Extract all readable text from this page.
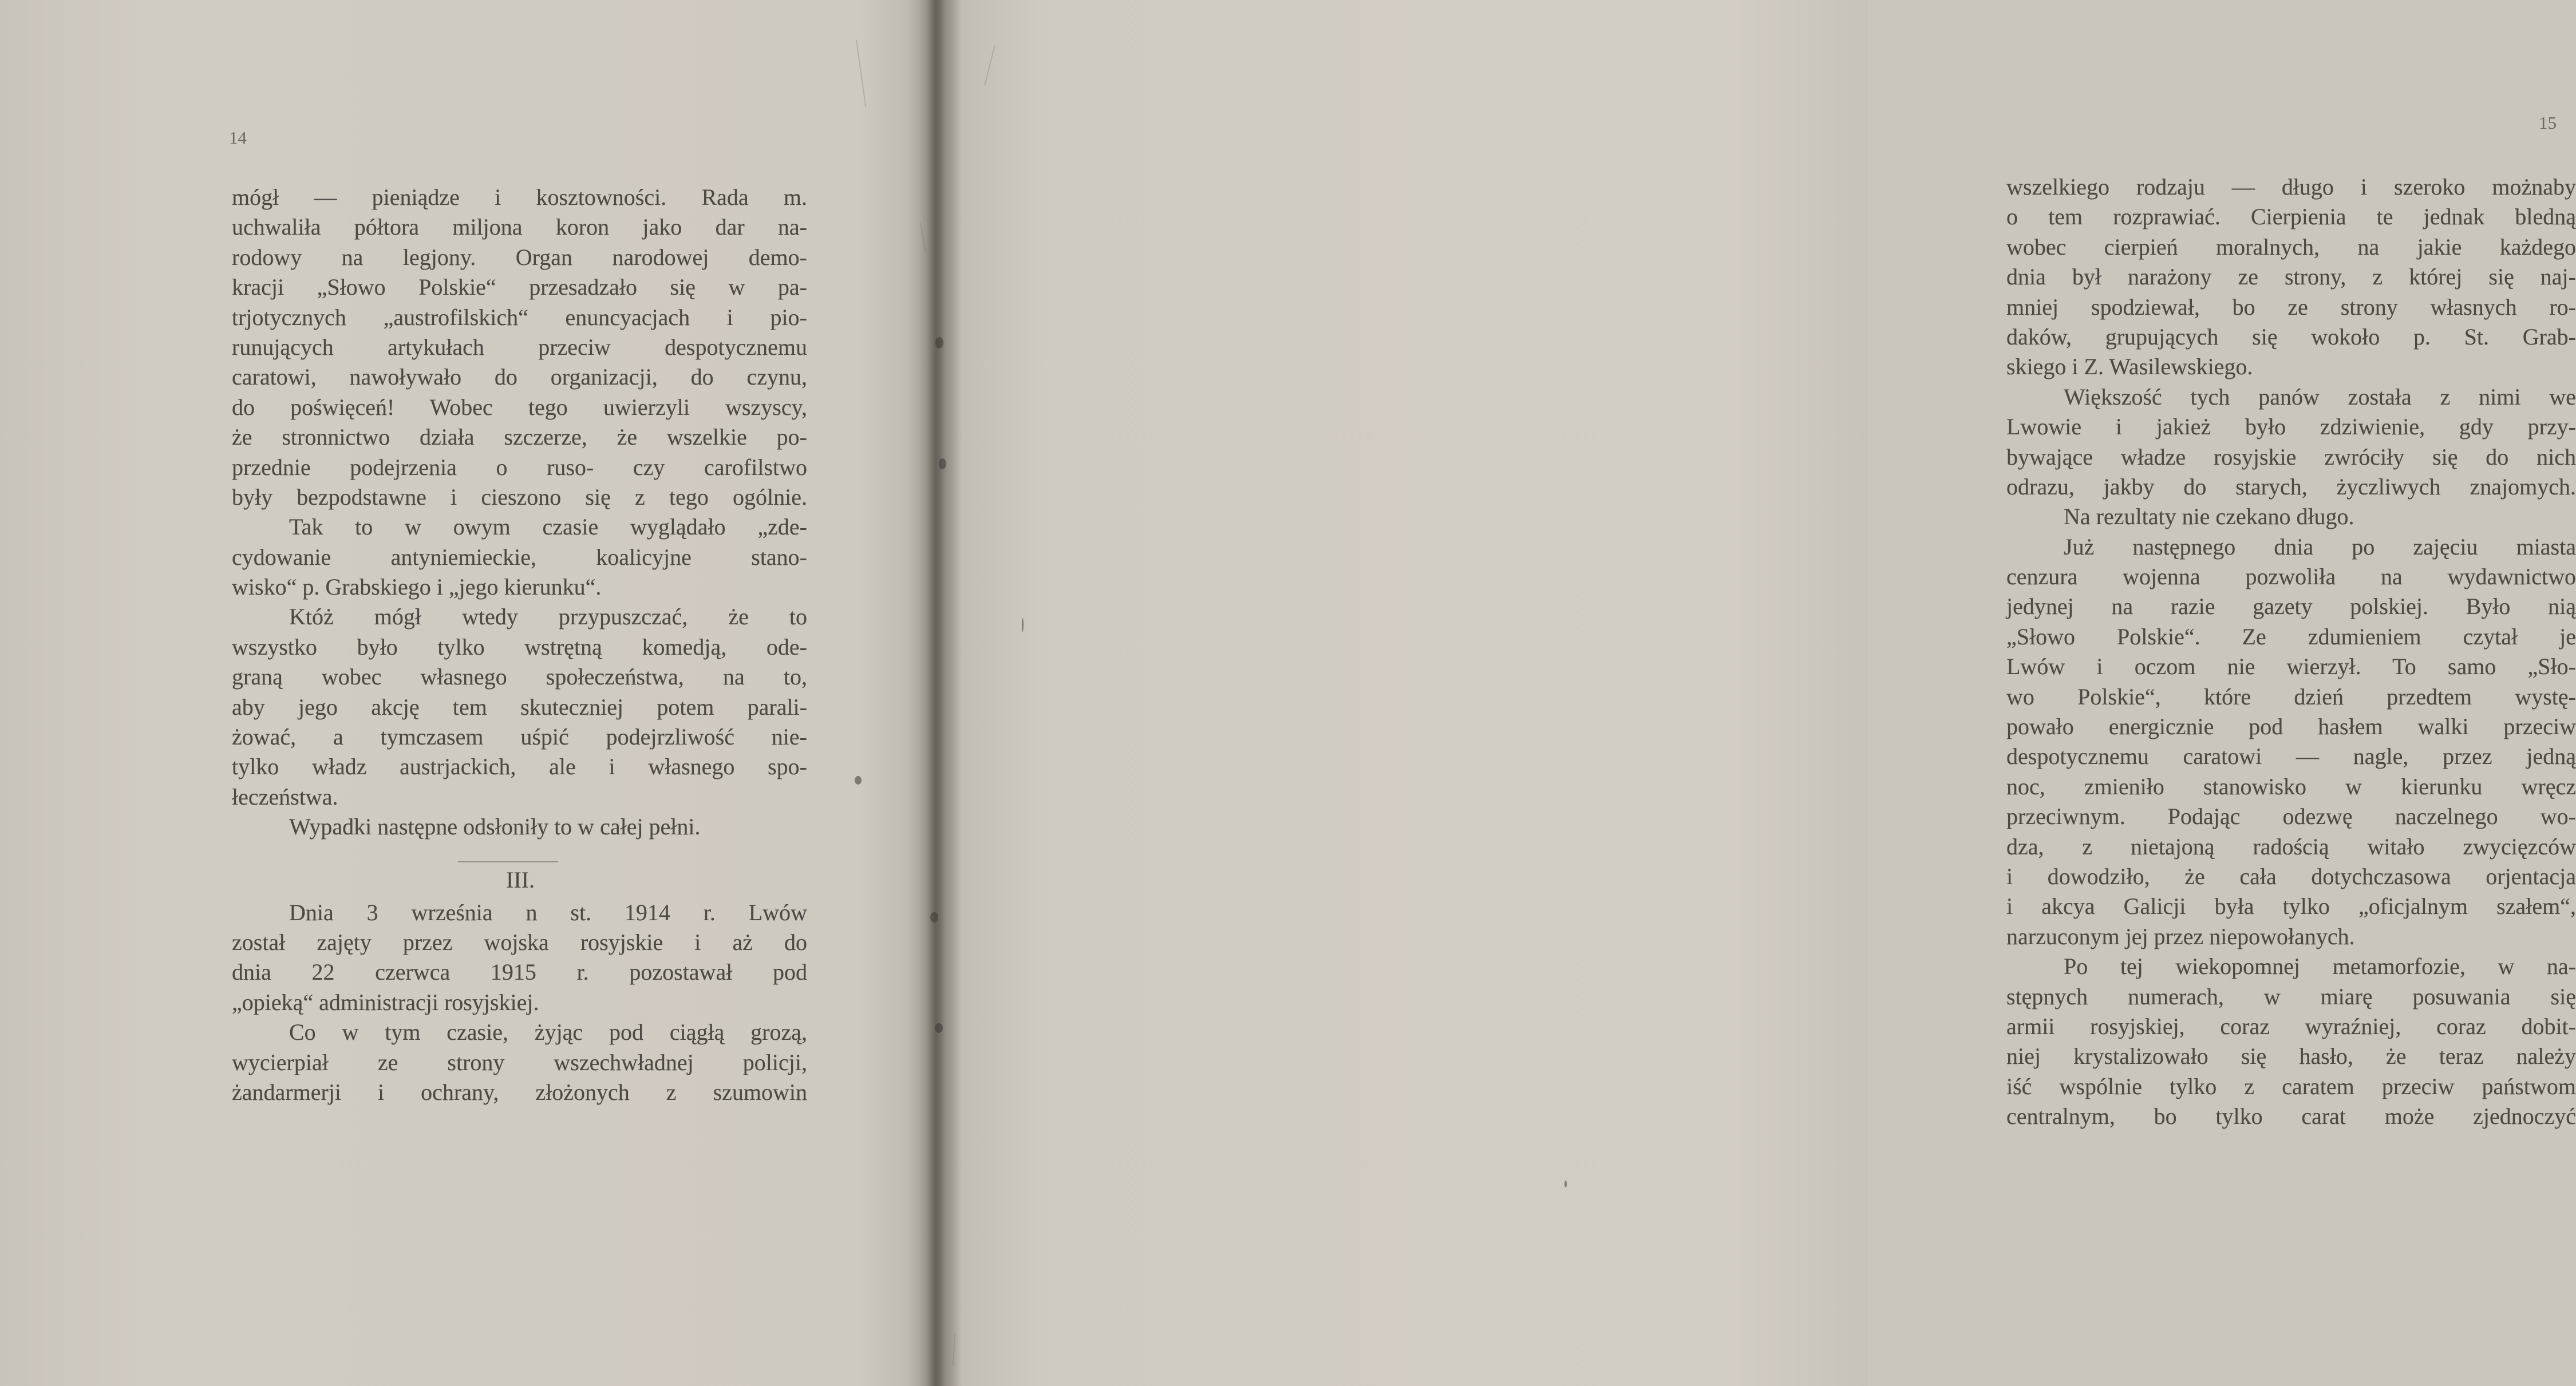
14
mógł — pieniądze i kosztowności. Rada m.
uchwaliła półtora miljona koron jako dar na-
rodowy na legjony. Organ narodowej demo-
kracji „Słowo Polskie“ przesadzało się w pa-
trjotycznych „austrofilskich“ enuncyacjach i pio-
runujących artykułach przeciw despotycznemu
caratowi, nawoływało do organizacji, do czynu,
do poświęceń! Wobec tego uwierzyli wszyscy,
że stronnictwo działa szczerze, że wszelkie po-
przednie podejrzenia o ruso- czy carofilstwo
były bezpodstawne i cieszono się z tego ogólnie.
Tak to w owym czasie wyglądało „zde-
cydowanie antyniemieckie, koalicyjne stano-
wisko“ p. Grabskiego i „jego kierunku“.
Któż mógł wtedy przypuszczać, że to
wszystko było tylko wstrętną komedją, ode-
graną wobec własnego społeczeństwa, na to,
aby jego akcję tem skuteczniej potem parali-
żować, a tymczasem uśpić podejrzliwość nie-
tylko władz austrjackich, ale i własnego spo-
łeczeństwa.
Wypadki następne odsłoniły to w całej pełni.
III.
Dnia 3 września n st. 1914 r. Lwów
został zajęty przez wojska rosyjskie i aż do
dnia 22 czerwca 1915 r. pozostawał pod
„opieką“ administracji rosyjskiej.
Co w tym czasie, żyjąc pod ciągłą grozą,
wycierpiał ze strony wszechwładnej policji,
żandarmerji i ochrany, złożonych z szumowin
15
wszelkiego rodzaju — długo i szeroko możnaby
o tem rozprawiać. Cierpienia te jednak bledną
wobec cierpień moralnych, na jakie każdego
dnia był narażony ze strony, z której się naj-
mniej spodziewał, bo ze strony własnych ro-
daków, grupujących się wokoło p. St. Grab-
skiego i Z. Wasilewskiego.
Większość tych panów została z nimi we
Lwowie i jakież było zdziwienie, gdy przy-
bywające władze rosyjskie zwróciły się do nich
odrazu, jakby do starych, życzliwych znajomych.
Na rezultaty nie czekano długo.
Już następnego dnia po zajęciu miasta
cenzura wojenna pozwoliła na wydawnictwo
jedynej na razie gazety polskiej. Było nią
„Słowo Polskie“. Ze zdumieniem czytał je
Lwów i oczom nie wierzył. To samo „Sło-
wo Polskie“, które dzień przedtem wystę-
powało energicznie pod hasłem walki przeciw
despotycznemu caratowi — nagle, przez jedną
noc, zmieniło stanowisko w kierunku wręcz
przeciwnym. Podając odezwę naczelnego wo-
dza, z nietajoną radością witało zwycięzców
i dowodziło, że cała dotychczasowa orjentacja
i akcya Galicji była tylko „oficjalnym szałem“,
narzuconym jej przez niepowołanych.
Po tej wiekopomnej metamorfozie, w na-
stępnych numerach, w miarę posuwania się
armii rosyjskiej, coraz wyraźniej, coraz dobit-
niej krystalizowało się hasło, że teraz należy
iść wspólnie tylko z caratem przeciw państwom
centralnym, bo tylko carat może zjednoczyć
